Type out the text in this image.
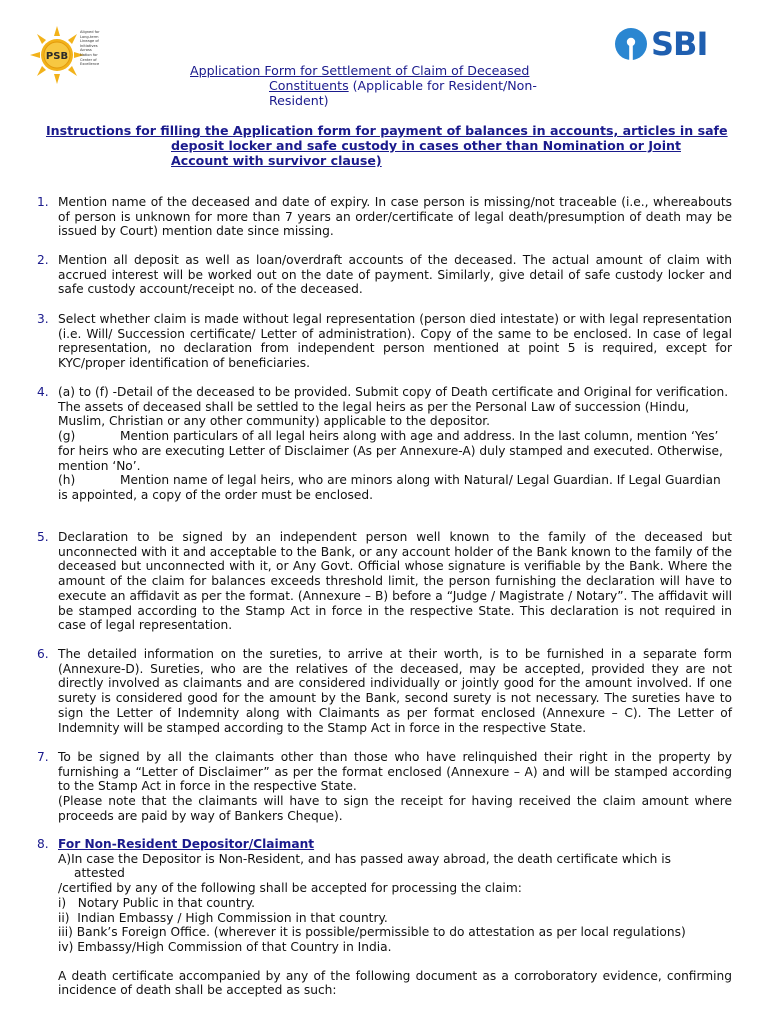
PSB
Aligned for
Long-term
Lineage of
Initiatives
Across
Nation for
Center of
Excellence
SBI
Application Form for Settlement of Claim of Deceased
Constituents (Applicable for Resident/Non-
Resident)
Instructions for filling the Application form for payment of balances in accounts, articles in safe
deposit locker and safe custody in cases other than Nomination or Joint
Account with survivor clause)
1. Mention name of the deceased and date of expiry. In case person is missing/not traceable (i.e., whereabouts of person is unknown for more than 7 years an order/certificate of legal death/presumption of death may be issued by Court) mention date since missing.

2. Mention all deposit as well as loan/overdraft accounts of the deceased. The actual amount of claim with accrued interest will be worked out on the date of payment. Similarly, give detail of safe custody locker and safe custody account/receipt no. of the deceased.

3. Select whether claim is made without legal representation (person died intestate) or with legal representation (i.e. Will/ Succession certificate/ Letter of administration). Copy of the same to be enclosed. In case of legal representation, no declaration from independent person mentioned at point 5 is required, except for KYC/proper identification of beneficiaries.

4. (a) to (f) -Detail of the deceased to be provided. Submit copy of Death certificate and Original for verification.

The assets of deceased shall be settled to the legal heirs as per the Personal Law of succession (Hindu, Muslim, Christian or any other community) applicable to the depositor.

(g)	Mention particulars of all legal heirs along with age and address. In the last column, mention ‘Yes’ for heirs who are executing Letter of Disclaimer (As per Annexure-A) duly stamped and executed. Otherwise, mention ‘No’.

(h)	Mention name of legal heirs, who are minors along with Natural/ Legal Guardian. If Legal Guardian is appointed, a copy of the order must be enclosed.

5. Declaration to be signed by an independent person well known to the family of the deceased but unconnected with it and acceptable to the Bank, or any account holder of the Bank known to the family of the deceased but unconnected with it, or Any Govt. Official whose signature is verifiable by the Bank. Where the amount of the claim for balances exceeds threshold limit, the person furnishing the declaration will have to execute an affidavit as per the format. (Annexure – B) before a “Judge / Magistrate / Notary”. The affidavit will be stamped according to the Stamp Act in force in the respective State. This declaration is not required in case of legal representation.

6. The detailed information on the sureties, to arrive at their worth, is to be furnished in a separate form (Annexure-D). Sureties, who are the relatives of the deceased, may be accepted, provided they are not directly involved as claimants and are considered individually or jointly good for the amount involved. If one surety is considered good for the amount by the Bank, second surety is not necessary. The sureties have to sign the Letter of Indemnity along with Claimants as per format enclosed (Annexure – C). The Letter of Indemnity will be stamped according to the Stamp Act in force in the respective State.

7. To be signed by all the claimants other than those who have relinquished their right in the property by furnishing a “Letter of Disclaimer” as per the format enclosed (Annexure – A) and will be stamped according to the Stamp Act in force in the respective State.

(Please note that the claimants will have to sign the receipt for having received the claim amount where proceeds are paid by way of Bankers Cheque).

8. For Non-Resident Depositor/Claimant

A)In case the Depositor is Non-Resident, and has passed away abroad, the death certificate which is

attested

/certified by any of the following shall be accepted for processing the claim:

i)   Notary Public in that country.

ii)  Indian Embassy / High Commission in that country.

iii) Bank’s Foreign Office. (wherever it is possible/permissible to do attestation as per local regulations)

iv) Embassy/High Commission of that Country in India.

A death certificate accompanied by any of the following document as a corroboratory evidence, confirming incidence of death shall be accepted as such:
